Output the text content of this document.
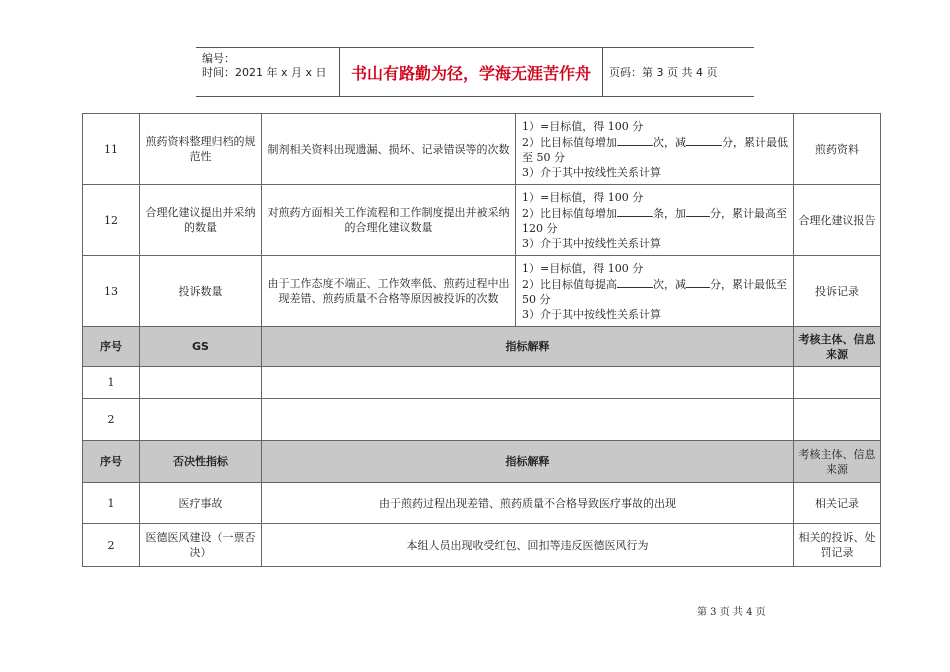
编号：
时间：2021 年 x 月 x 日	书山有路勤为径，学海无涯苦作舟	页码：第 3 页 共 4 页
11	煎药资料整理归档的规范性	制剂相关资料出现遗漏、损坏、记录错误等的次数	1）=目标值，得 100 分
2）比目标值每增加 次，减 分，累计最低至 50 分
3）介于其中按线性关系计算	煎药资料
12	合理化建议提出并采纳的数量	对煎药方面相关工作流程和工作制度提出并被采纳的合理化建议数量	1）=目标值，得 100 分
2）比目标值每增加 条，加 分，累计最高至 120 分
3）介于其中按线性关系计算	合理化建议报告
13	投诉数量	由于工作态度不端正、工作效率低、煎药过程中出现差错、煎药质量不合格等原因被投诉的次数	1）=目标值，得 100 分
2）比目标值每提高 次，减 分，累计最低至 50 分
3）介于其中按线性关系计算	投诉记录
序号	GS	指标解释		考核主体、信息来源
1				
2				
序号	否决性指标	指标解释		考核主体、信息来源
1	医疗事故	由于煎药过程出现差错、煎药质量不合格导致医疗事故的出现		相关记录
2	医德医风建设（一票否决）	本组人员出现收受红包、回扣等违反医德医风行为		相关的投诉、处罚记录
第 3 页 共 4 页
